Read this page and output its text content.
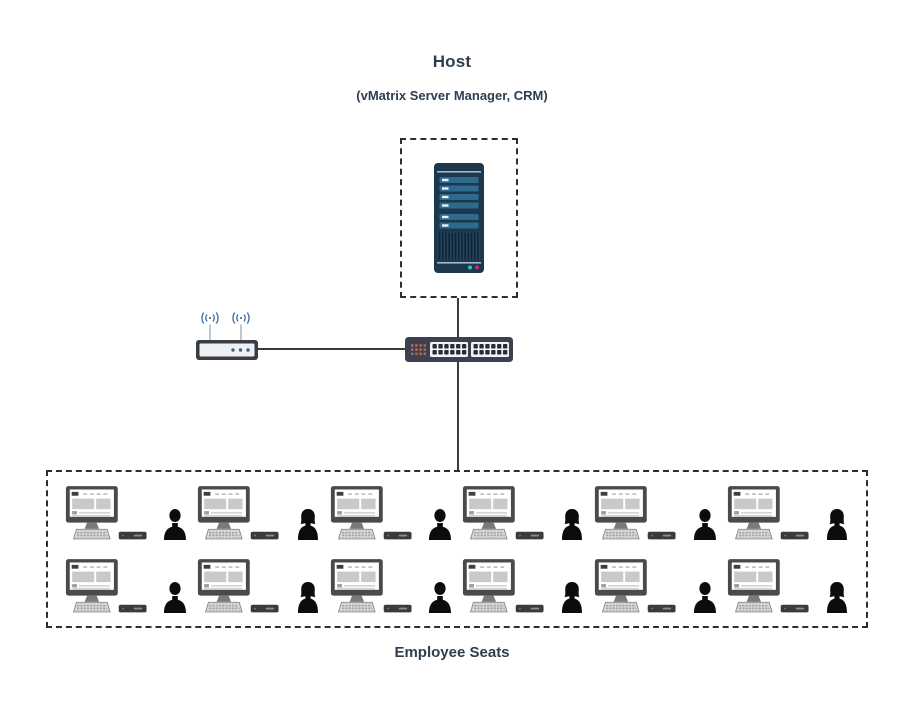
Host
(vMatrix Server Manager, CRM)
Employee Seats
